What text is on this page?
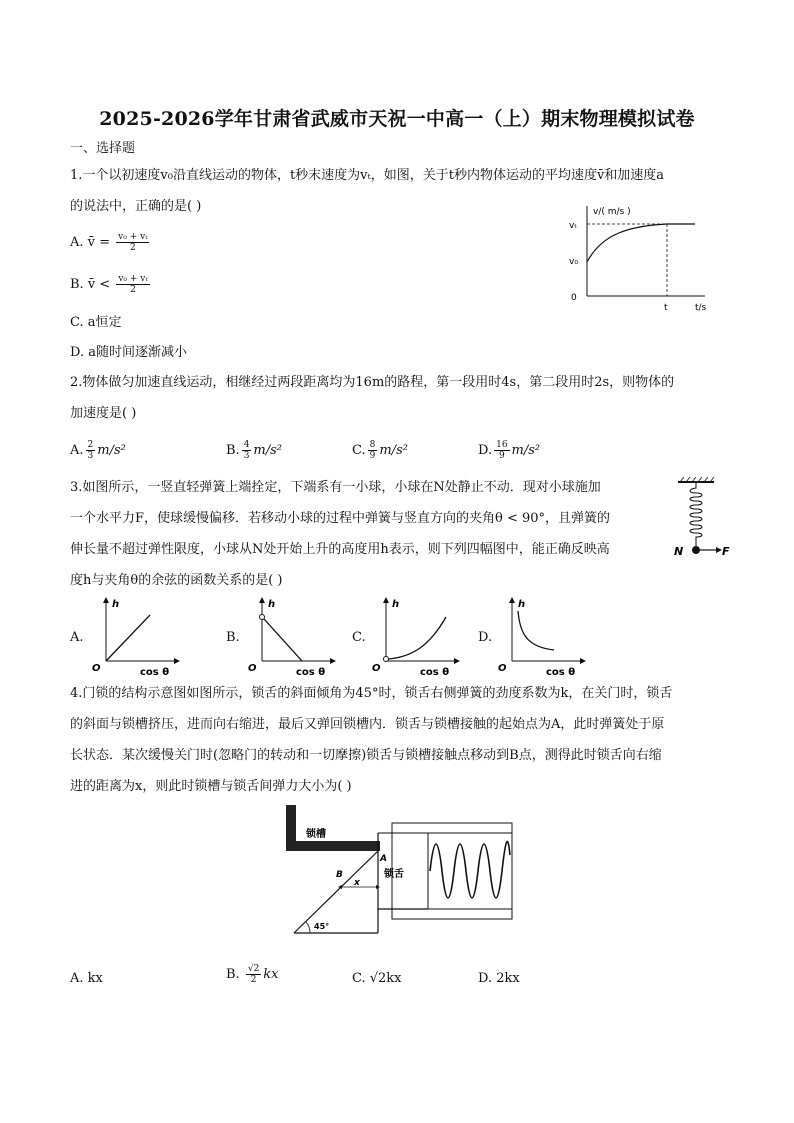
2025-2026学年甘肃省武威市天祝一中高一（上）期末物理模拟试卷
一、选择题
1.一个以初速度v₀沿直线运动的物体，t秒末速度为vₜ，如图，关于t秒内物体运动的平均速度v̄和加速度a
的说法中，正确的是( )
A. v̄ = $\frac{\text{v₀ + vₜ}}{2}$
B. v̄ < $\frac{\text{v₀ + vₜ}}{2}$
C. a恒定
D. a随时间逐渐减小
v/( m/s )
vₜ
v₀
0
t	t/s
2.物体做匀加速直线运动，相继经过两段距离均为16m的路程，第一段用时4s，第二段用时2s，则物体的
加速度是( )
A. $\frac{2}{3} m/s^2$	B. $\frac{4}{3} m/s^2$	C. $\frac{8}{9} m/s^2$	D. $\frac{16}{9} m/s^2$
3.如图所示，一竖直轻弹簧上端拴定，下端系有一小球，小球在N处静止不动．现对小球施加
一个水平力F，使球缓慢偏移．若移动小球的过程中弹簧与竖直方向的夹角θ < 90°，且弹簧的
伸长量不超过弹性限度，小球从N处开始上升的高度用h表示，则下列四幅图中，能正确反映高
度h与夹角θ的余弦的函数关系的是( )
N	F
A.
h
O	cos θ
B.
h
O	cos θ
C.
h
O	cos θ
D.
h
O	cos θ
4.门锁的结构示意图如图所示，锁舌的斜面倾角为45°时，锁舌右侧弹簧的劲度系数为k，在关门时，锁舌
的斜面与锁槽挤压，进而向右缩进，最后又弹回锁槽内．锁舌与锁槽接触的起始点为A，此时弹簧处于原
长状态．某次缓慢关门时(忽略门的转动和一切摩擦)锁舌与锁槽接触点移动到B点，测得此时锁舌向右缩
进的距离为x，则此时锁槽与锁舌间弹力大小为( )
锁槽
锁舌
A
B
x
45°
A. kx	B. $\frac{√2}{2}$ kx	C. √2kx	D. 2kx
